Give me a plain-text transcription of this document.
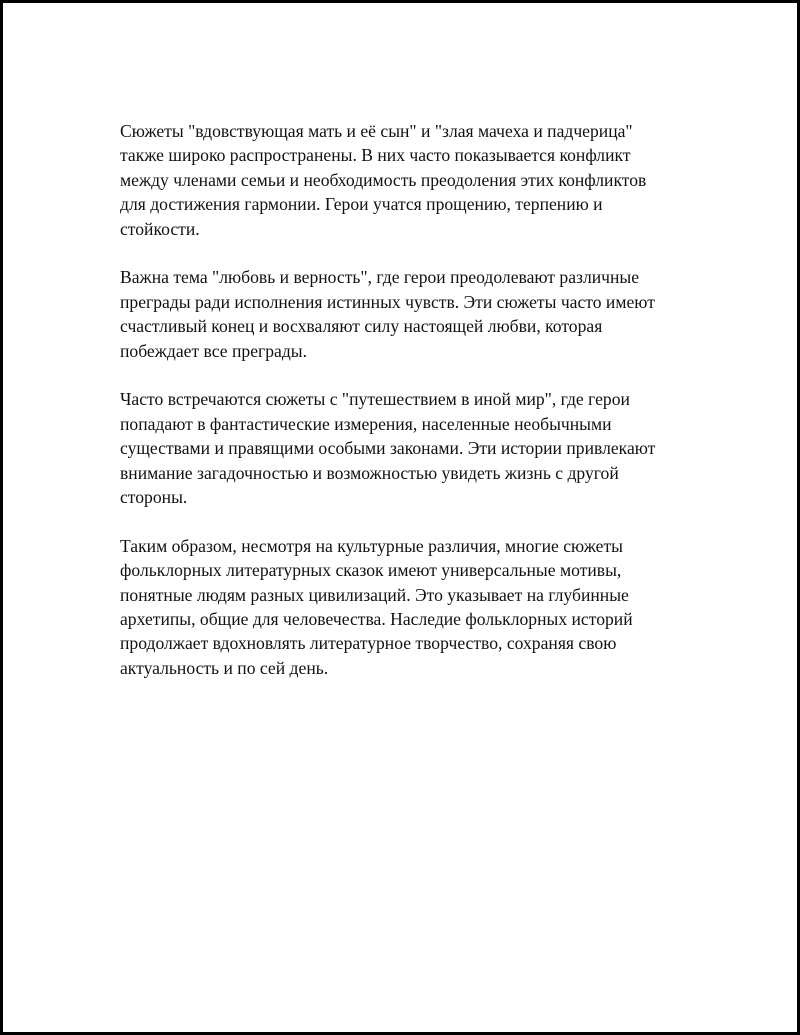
Сюжеты "вдовствующая мать и её сын" и "злая мачеха и падчерица"
также широко распространены. В них часто показывается конфликт
между членами семьи и необходимость преодоления этих конфликтов
для достижения гармонии. Герои учатся прощению, терпению и
стойкости.

Важна тема "любовь и верность", где герои преодолевают различные
преграды ради исполнения истинных чувств. Эти сюжеты часто имеют
счастливый конец и восхваляют силу настоящей любви, которая
побеждает все преграды.

Часто встречаются сюжеты с "путешествием в иной мир", где герои
попадают в фантастические измерения, населенные необычными
существами и правящими особыми законами. Эти истории привлекают
внимание загадочностью и возможностью увидеть жизнь с другой
стороны.

Таким образом, несмотря на культурные различия, многие сюжеты
фольклорных литературных сказок имеют универсальные мотивы,
понятные людям разных цивилизаций. Это указывает на глубинные
архетипы, общие для человечества. Наследие фольклорных историй
продолжает вдохновлять литературное творчество, сохраняя свою
актуальность и по сей день.
